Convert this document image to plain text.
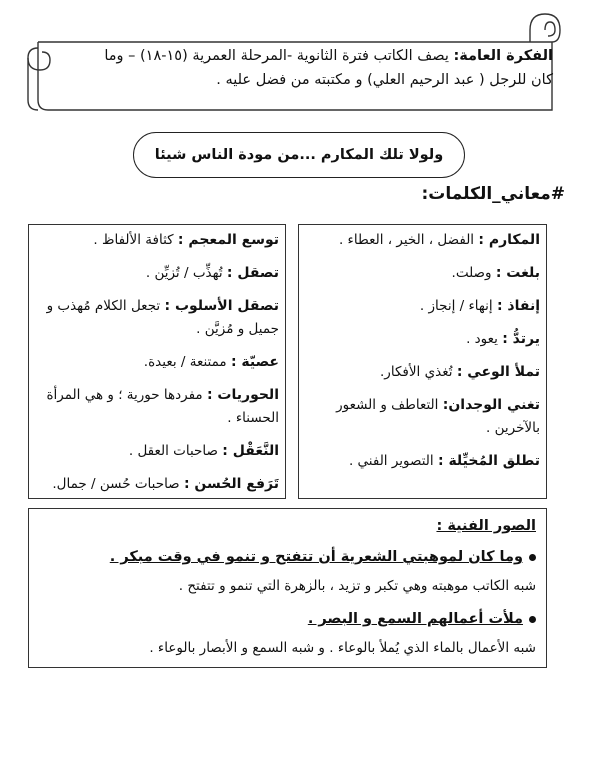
الفكرة العامة: يصف الكاتب فترة الثانوية -المرحلة العمرية (١٥-١٨) – وما
كان للرجل ( عبد الرحيم العلي) و مكتبته من فضل عليه .
ولولا تلك المكارم ...من مودة الناس شيئا
#معاني_الكلمات:
المكارم : الفضل ، الخير ، العطاء .
بلغت : وصلت.
إنفاذ : إنهاء / إنجاز .
يرتدُّ : يعود .
تملأ الوعي : تُغذي الأفكار.
تغني الوجدان: التعاطف و الشعور بالآخرين .
تطلق المُخيِّلة : التصوير الفني .
توسع المعجم : كثافة الألفاظ .
تصقل : تُهذِّب / تُزيِّن .
تصقل الأسلوب : تجعل الكلام مُهذب و جميل و مُزيَّن .
عصيّة : ممتنعة / بعيدة.
الحوريات : مفردها حورية ؛ و هي المرأة الحسناء .
النَّعَقْل : صاحبات العقل .
تَرَفع الحُسن : صاحبات حُسن / جمال.
الصور الفنية :
وما كان لموهبتي الشعرية أن تتفتح و تنمو في وقت مبكر .
شبه الكاتب موهبته وهي تكبر و تزيد ، بالزهرة التي تنمو و تتفتح .
ملأت أعمالهم السمع و البصر .
شبه الأعمال بالماء الذي يُملأ بالوعاء . و شبه السمع و الأبصار بالوعاء .
